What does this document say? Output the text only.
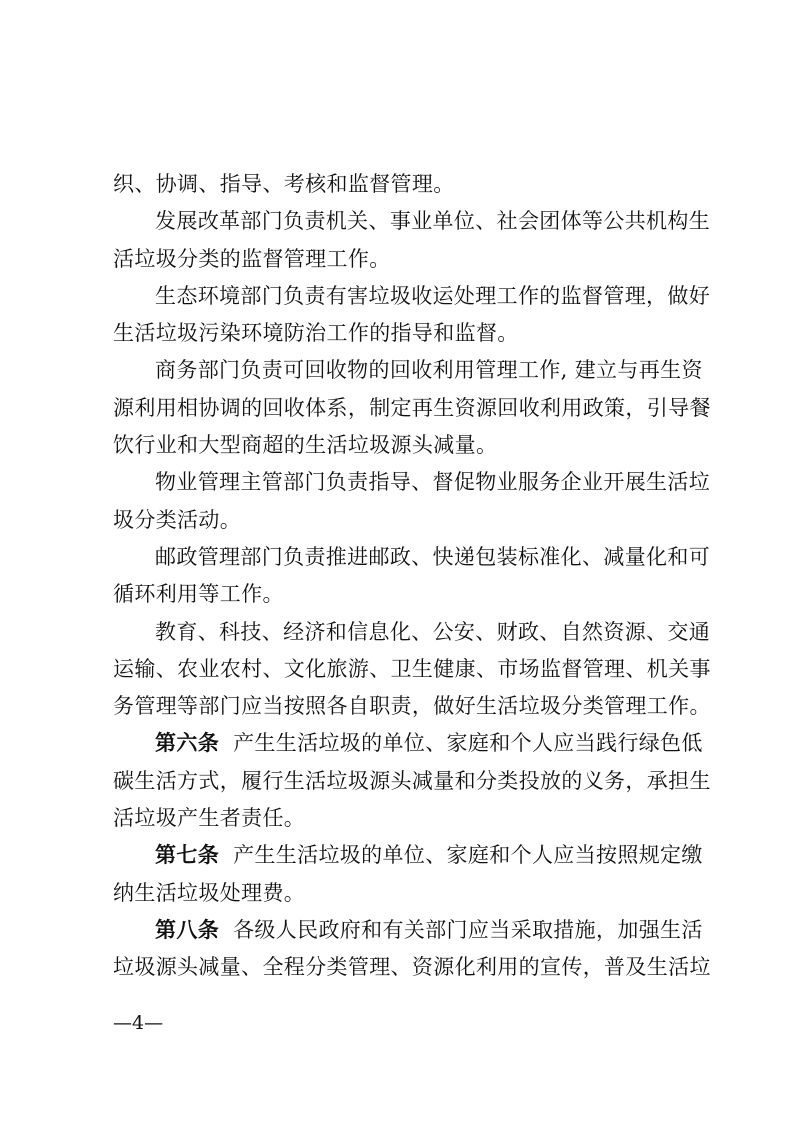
织、协调、指导、考核和监督管理。
发展改革部门负责机关、事业单位、社会团体等公共机构生
活垃圾分类的监督管理工作。
生态环境部门负责有害垃圾收运处理工作的监督管理，做好
生活垃圾污染环境防治工作的指导和监督。
商务部门负责可回收物的回收利用管理工作, 建立与再生资
源利用相协调的回收体系，制定再生资源回收利用政策，引导餐
饮行业和大型商超的生活垃圾源头减量。
物业管理主管部门负责指导、督促物业服务企业开展生活垃
圾分类活动。
邮政管理部门负责推进邮政、快递包装标准化、减量化和可
循环利用等工作。
教育、科技、经济和信息化、公安、财政、自然资源、交通
运输、农业农村、文化旅游、卫生健康、市场监督管理、机关事
务管理等部门应当按照各自职责，做好生活垃圾分类管理工作。
第六条 产生生活垃圾的单位、家庭和个人应当践行绿色低
碳生活方式，履行生活垃圾源头减量和分类投放的义务，承担生
活垃圾产生者责任。
第七条 产生生活垃圾的单位、家庭和个人应当按照规定缴
纳生活垃圾处理费。
第八条 各级人民政府和有关部门应当采取措施，加强生活
垃圾源头减量、全程分类管理、资源化利用的宣传，普及生活垃
—4—
